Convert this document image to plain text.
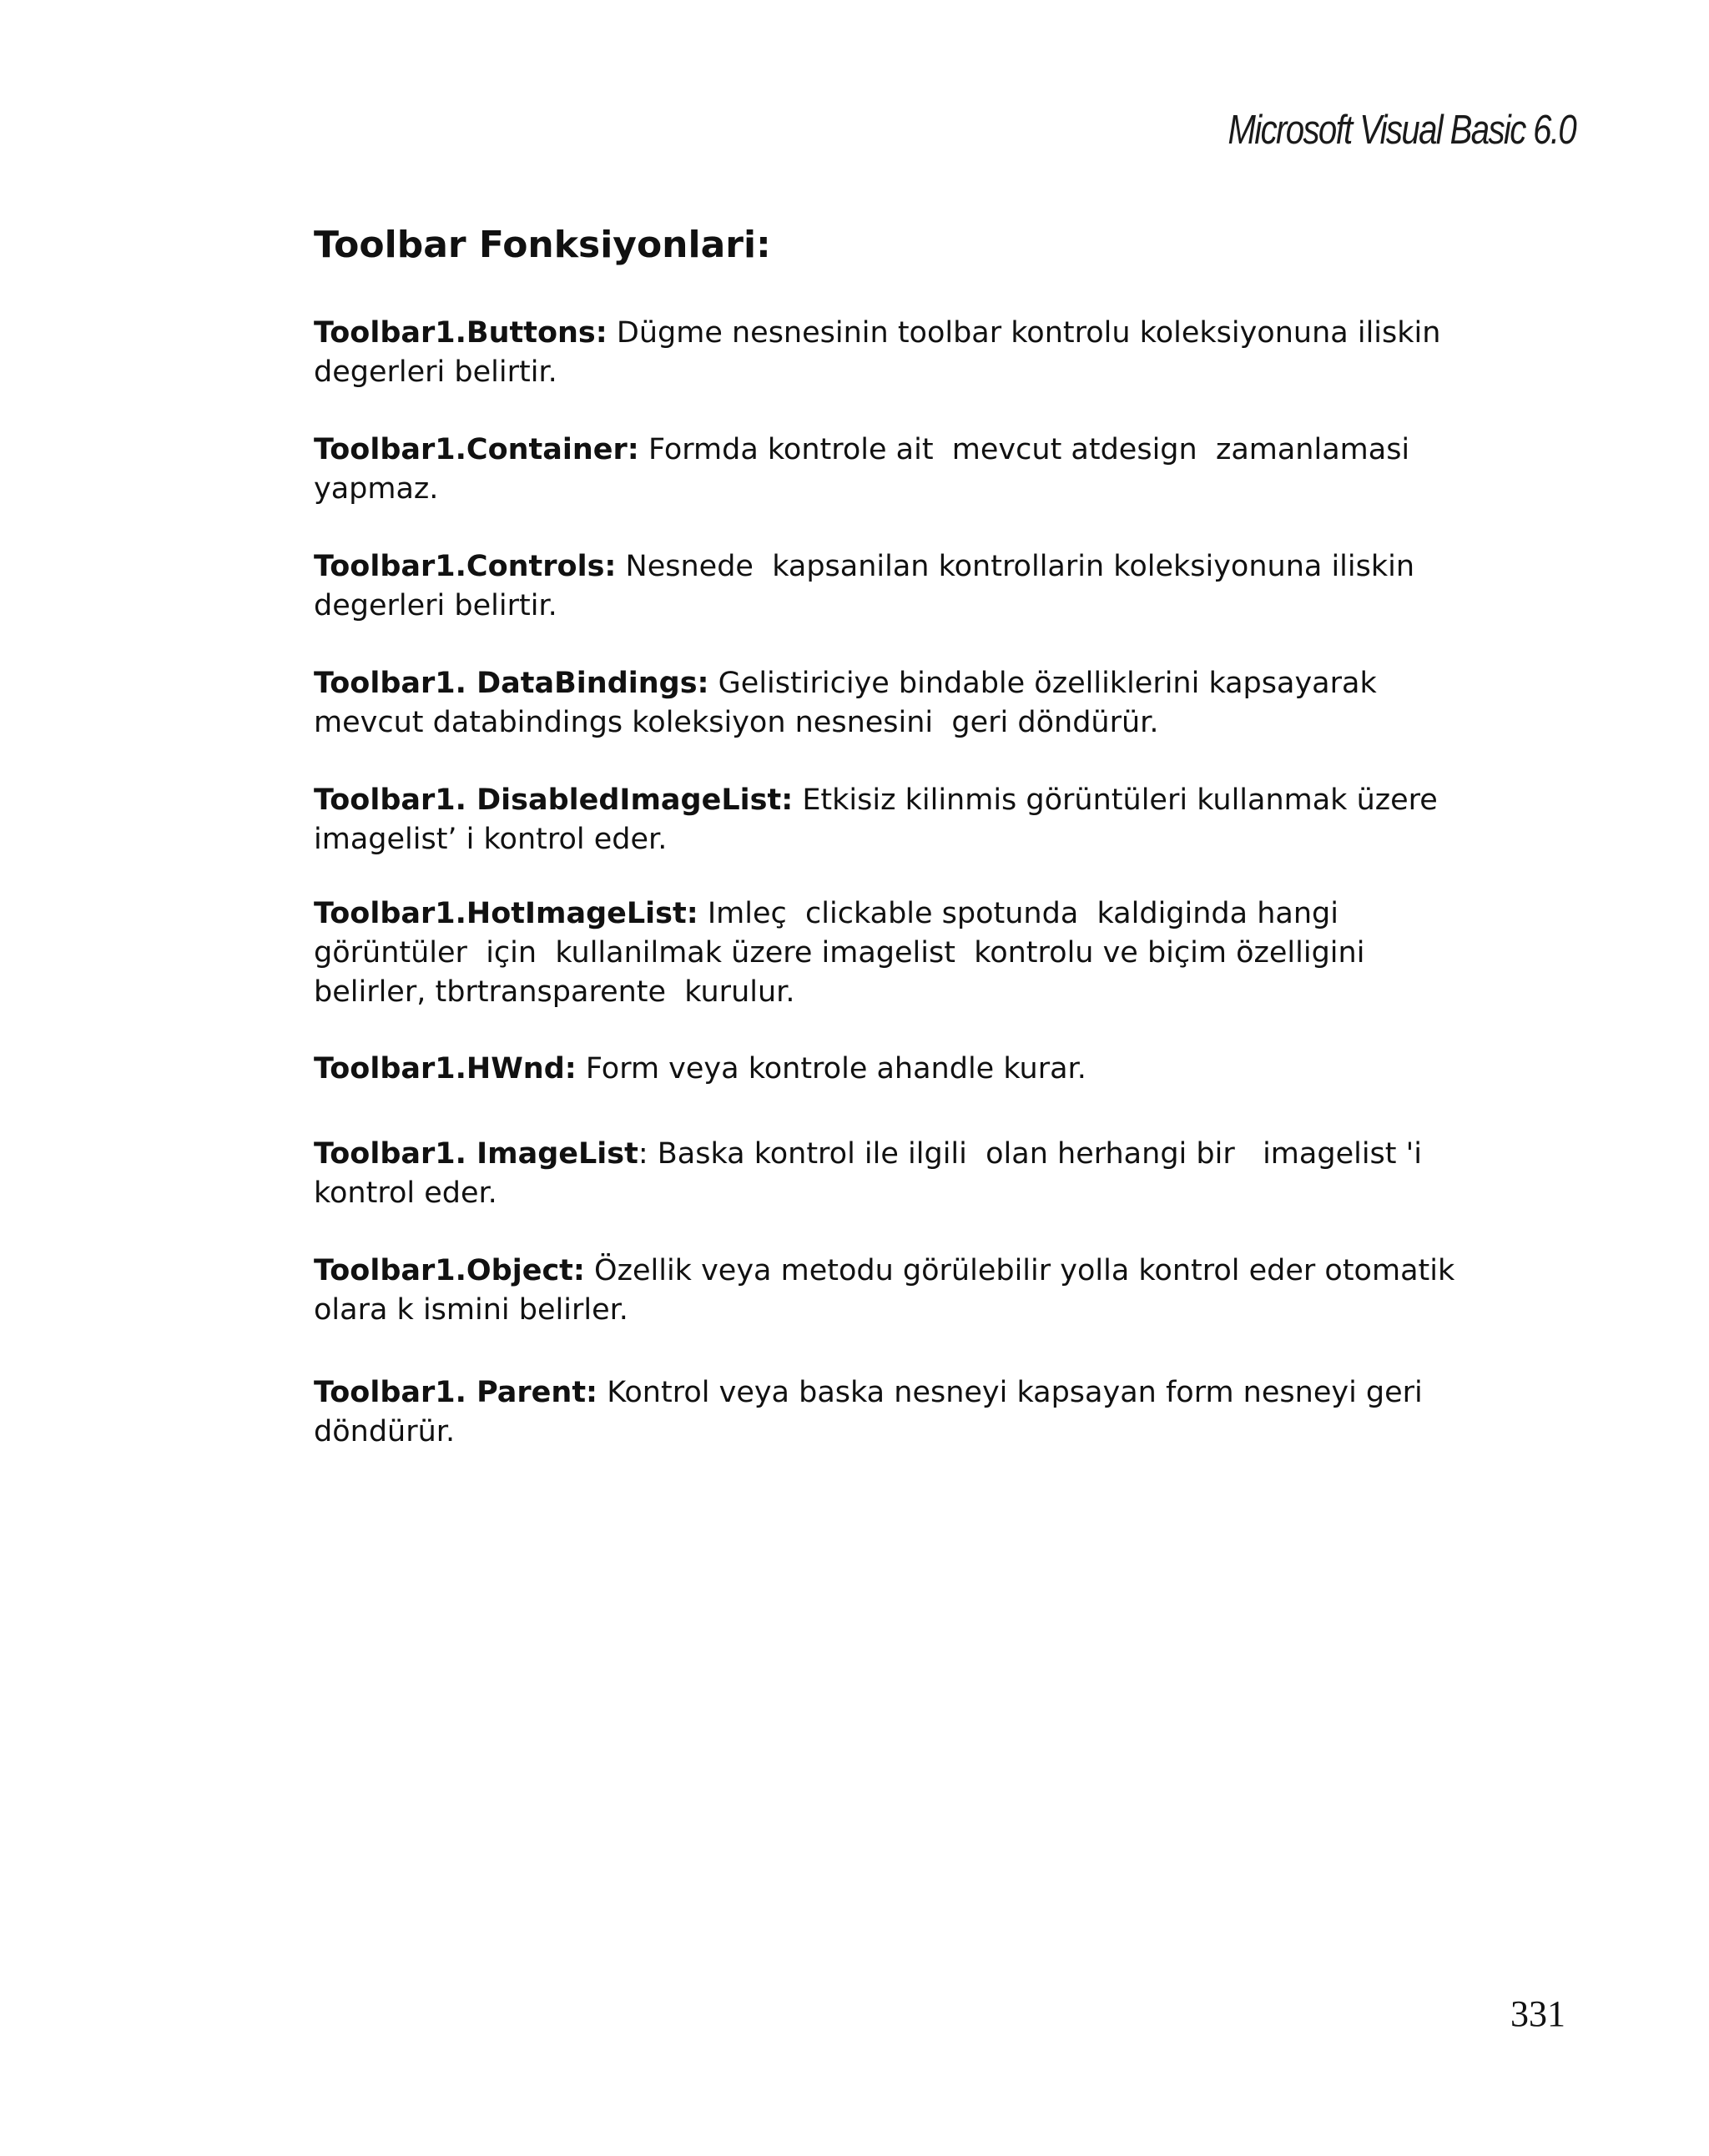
Microsoft Visual Basic 6.0
Toolbar Fonksiyonlari:
Toolbar1.Buttons: Dügme nesnesinin toolbar kontrolu koleksiyonuna iliskin
degerleri belirtir.
Toolbar1.Container: Formda kontrole ait  mevcut atdesign  zamanlamasi
yapmaz.
Toolbar1.Controls: Nesnede  kapsanilan kontrollarin koleksiyonuna iliskin
degerleri belirtir.
Toolbar1. DataBindings: Gelistiriciye bindable özelliklerini kapsayarak
mevcut databindings koleksiyon nesnesini  geri döndürür.
Toolbar1. DisabledImageList: Etkisiz kilinmis görüntüleri kullanmak üzere
imagelist’ i kontrol eder.
Toolbar1.HotImageList: Imleç  clickable spotunda  kaldiginda hangi
görüntüler  için  kullanilmak üzere imagelist  kontrolu ve biçim özelligini
belirler, tbrtransparente  kurulur.
Toolbar1.HWnd: Form veya kontrole ahandle kurar.
Toolbar1. ImageList: Baska kontrol ile ilgili  olan herhangi bir   imagelist 'i
kontrol eder.
Toolbar1.Object: Özellik veya metodu görülebilir yolla kontrol eder otomatik
olara k ismini belirler.
Toolbar1. Parent: Kontrol veya baska nesneyi kapsayan form nesneyi geri
döndürür.
331
